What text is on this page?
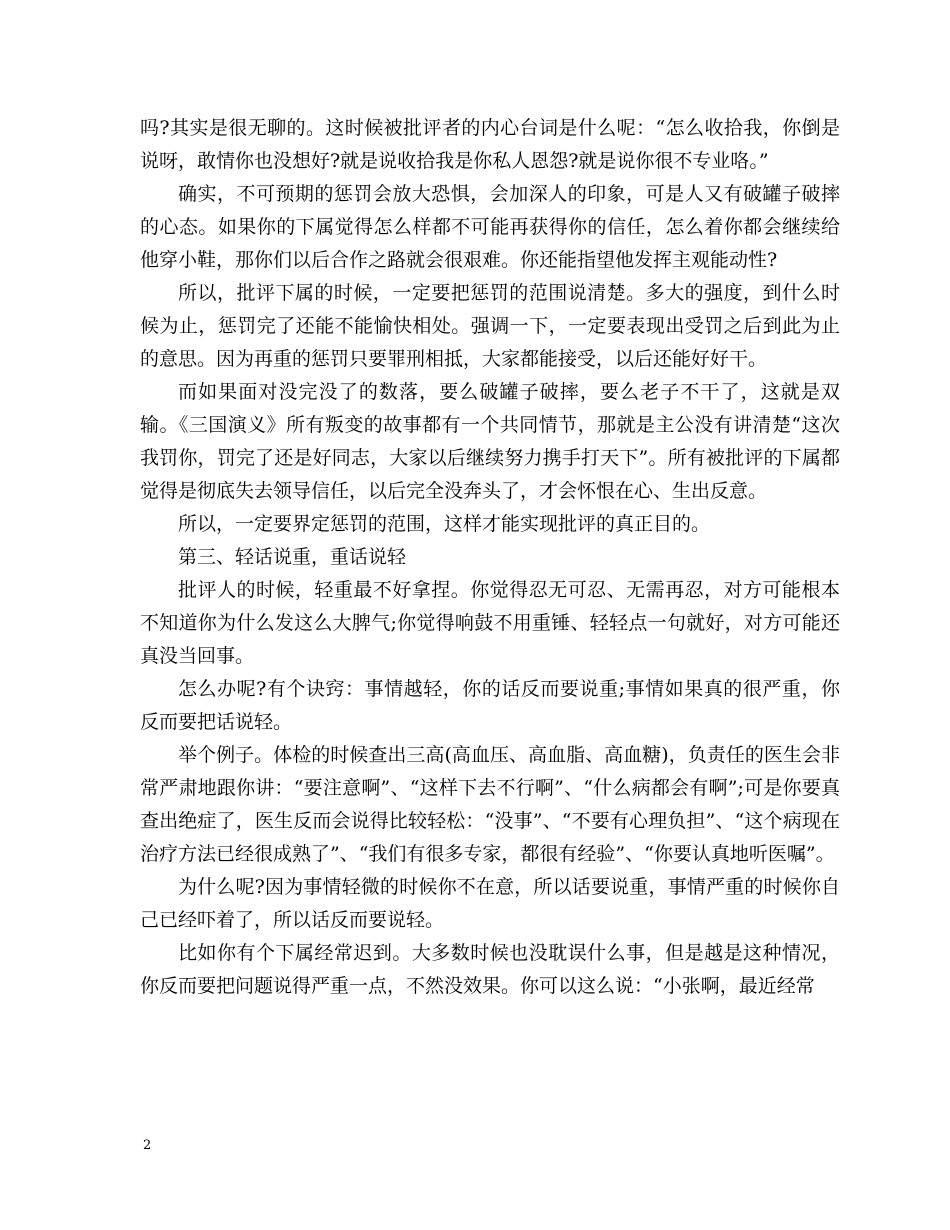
吗?其实是很无聊的。这时候被批评者的内心台词是什么呢：“怎么收拾我，你倒是说呀，敢情你也没想好?就是说收拾我是你私人恩怨?就是说你很不专业咯。”

确实，不可预期的惩罚会放大恐惧，会加深人的印象，可是人又有破罐子破摔的心态。如果你的下属觉得怎么样都不可能再获得你的信任，怎么着你都会继续给他穿小鞋，那你们以后合作之路就会很艰难。你还能指望他发挥主观能动性?

所以，批评下属的时候，一定要把惩罚的范围说清楚。多大的强度，到什么时候为止，惩罚完了还能不能愉快相处。强调一下，一定要表现出受罚之后到此为止的意思。因为再重的惩罚只要罪刑相抵，大家都能接受，以后还能好好干。

而如果面对没完没了的数落，要么破罐子破摔，要么老子不干了，这就是双输。《三国演义》所有叛变的故事都有一个共同情节，那就是主公没有讲清楚“这次我罚你，罚完了还是好同志，大家以后继续努力携手打天下”。所有被批评的下属都觉得是彻底失去领导信任，以后完全没奔头了，才会怀恨在心、生出反意。

所以，一定要界定惩罚的范围，这样才能实现批评的真正目的。

第三、轻话说重，重话说轻

批评人的时候，轻重最不好拿捏。你觉得忍无可忍、无需再忍，对方可能根本不知道你为什么发这么大脾气;你觉得响鼓不用重锤、轻轻点一句就好，对方可能还真没当回事。

怎么办呢?有个诀窍：事情越轻，你的话反而要说重;事情如果真的很严重，你反而要把话说轻。

举个例子。体检的时候查出三高(高血压、高血脂、高血糖)，负责任的医生会非常严肃地跟你讲：“要注意啊”、“这样下去不行啊”、“什么病都会有啊”;可是你要真查出绝症了，医生反而会说得比较轻松：“没事”、“不要有心理负担”、“这个病现在治疗方法已经很成熟了”、“我们有很多专家，都很有经验”、“你要认真地听医嘱”。

为什么呢?因为事情轻微的时候你不在意，所以话要说重，事情严重的时候你自己已经吓着了，所以话反而要说轻。

比如你有个下属经常迟到。大多数时候也没耽误什么事，但是越是这种情况，你反而要把问题说得严重一点，不然没效果。你可以这么说：“小张啊，最近经常

2
